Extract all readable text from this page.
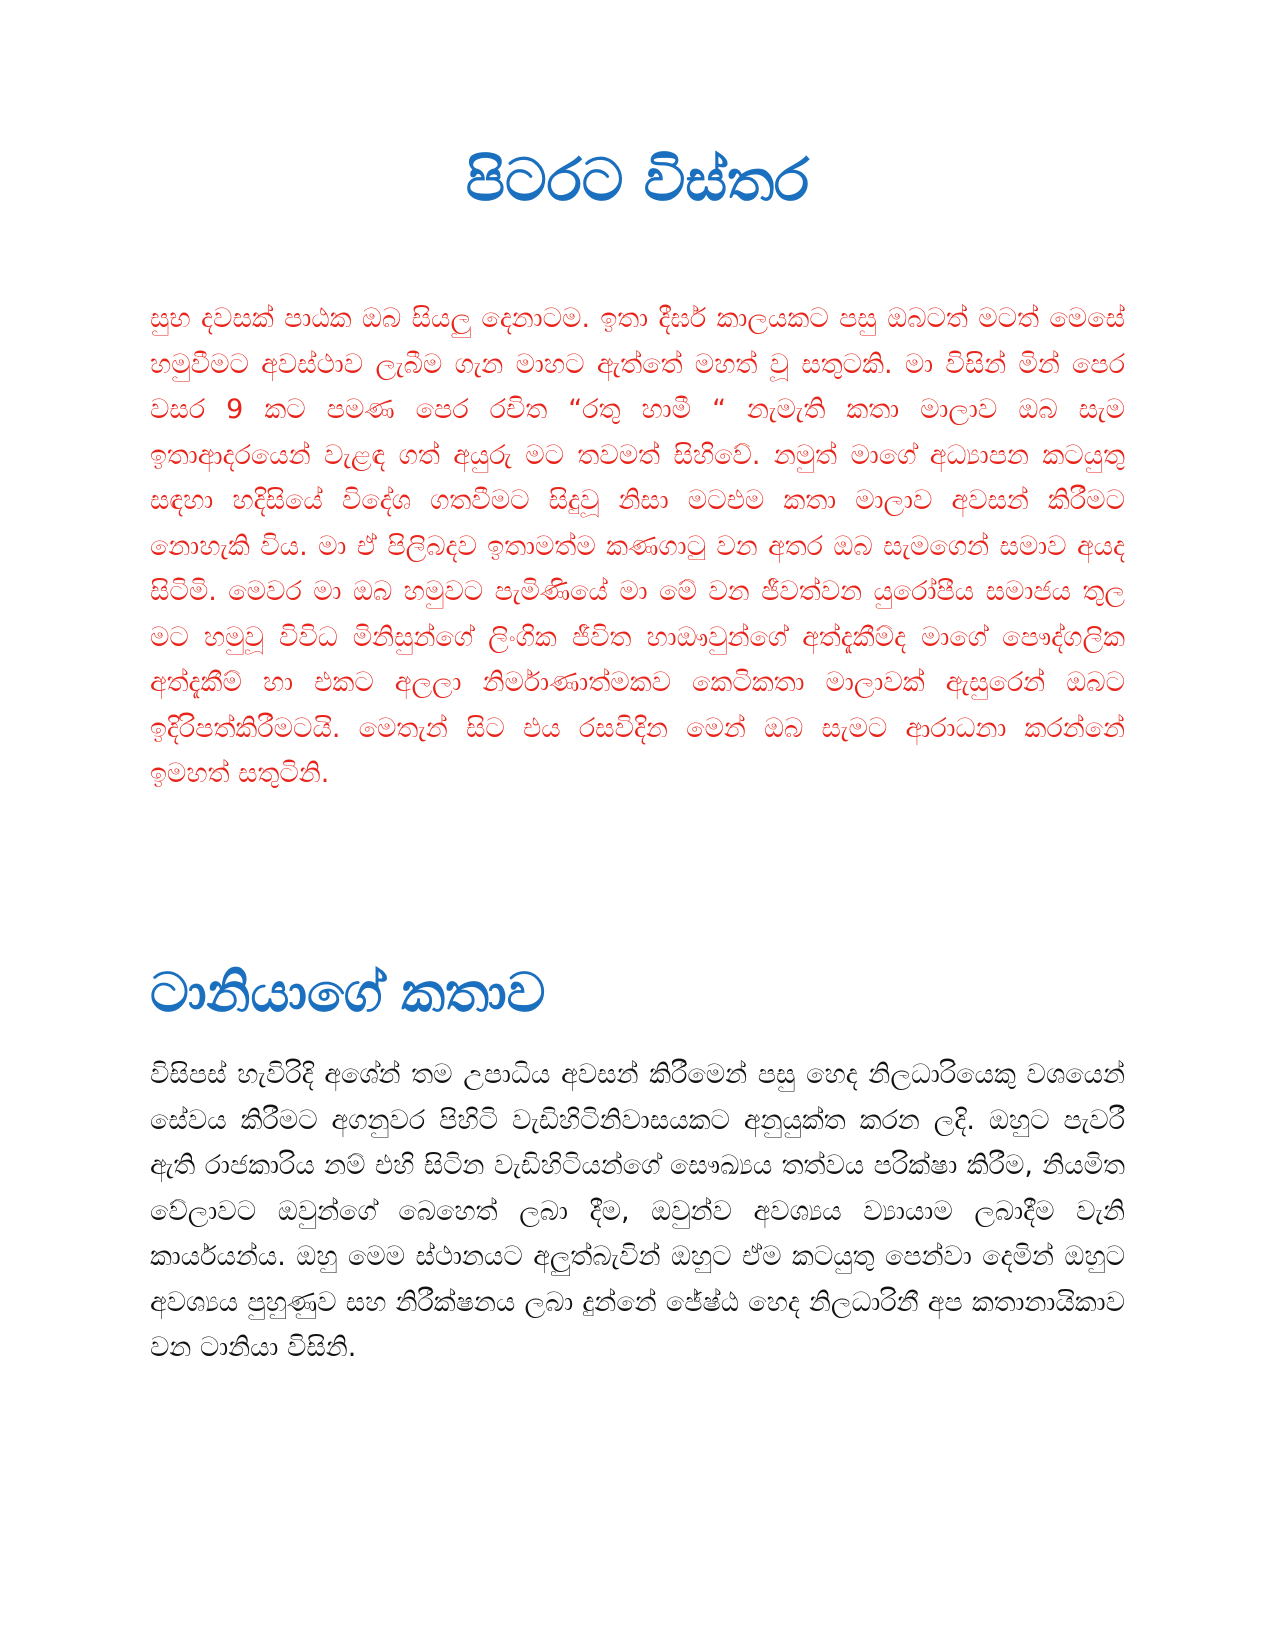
පිටරට විස්තර

සුභ දවසක් පාඨක ඔබ සියලු දෙනාටම. ඉතා දීර්ඝ කාලයකට පසු ඔබටත් මටත් මෙසේ හමුවීමට අවස්ථාව ලැබීම ගැන මාහට ඇත්තේ මහත් වූ සතුටකි. මා විසින් මින් පෙර වසර 9 කට පමණ පෙර රචිත “රතු හාමී “ නැමැති කතා මාලාව ඔබ සැම ඉතාආදරයෙන් වැළඳ ගත් අයුරු මට තවමත් සිහිවේ. නමුත් මාගේ අධ්‍යාපන කටයුතු සඳහා හදිසියේ විදේශ ගතවීමට සිදුවූ නිසා මටඑම කතා මාලාව අවසන් කිරීමට නොහැකි විය. මා ඒ පිලිබදව ඉතාමත්ම කණගාටු වන අතර ඔබ සැමගෙන් සමාව අයද සිටිමි. මෙවර මා ඔබ හමුවට පැමිණියේ මා මේ වන ජීවත්වන යුරෝපීය සමාජය තුල මට හමුවූ විවිධ මිනිසුන්ගේ ලිංගික ජීවිත හාඖවුන්ගේ අත්දැකීම්ද මාගේ පෞද්ගලික අත්දැකීම් හා එකට අලලා නිර්මාණාත්මකව කෙටිකතා මාලාවක් ඇසුරෙන් ඔබට ඉදිරිපත්කිරීමටයි. මෙතැන් සිට එය රසවිදින මෙන් ඔබ සැමට ආරාධනා කරන්නේ ඉමහත් සතුටිනි.

ටානියාගේ කතාව

විසිපස් හැවිරිදි අශේන් තම උපාධිය අවසන් කිරීමෙන් පසු හෙද නිලධාරියෙකු වශයෙන් සේවය කිරීමට අගනුවර පිහිටි වැඩිහිටිනිවාසයකට අනුයුක්ත කරන ලදි. ඔහුට පැවරී ඇති රාජකාරිය නම් එහි සිටින වැඩිහිටියන්ගේ සෞඛ්‍යය තත්වය පරික්ෂා කිරීම, නියමිත වේලාවට ඔවුන්ගේ බෙහෙත් ලබා දීම, ඔවුන්ව අවශ්‍යය ව්‍යායාම ලබාදීම වැනි කාර්යයන්ය. ඔහු මෙම ස්ථානයට අලුත්බැවින් ඔහුට ඒම කටයුතු පෙන්වා දෙමින් ඔහුට අවශ්‍යය පුහුණුව සහ නිරීක්ෂනය ලබා දුන්නේ ජේෂ්ඨ හෙද නිලධාරිනී අප කතානායිකාව වන ටානියා විසිනි.
